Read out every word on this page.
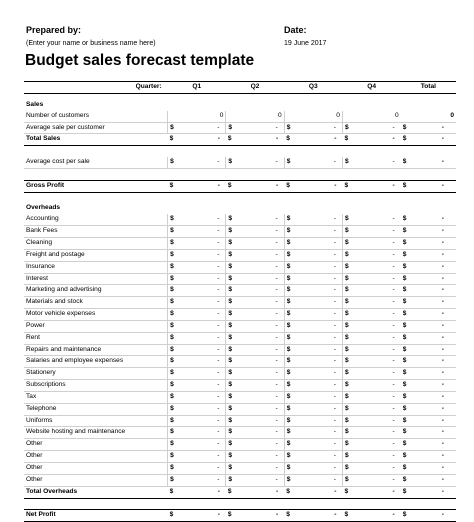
Prepared by:
(Enter your name or business name here)
Date:
19 June 2017
Budget sales forecast template
Quarter:	Q1	Q2	Q3	Q4	Total

Sales					
Number of customers	0	0	0	0	0
Average sale per customer	$ -	$ -	$ -	$ -	$ -

Total Sales	$ -	$ -	$ -	$ -	$ -

Average cost per sale	$ -	$ -	$ -	$ -	$ -

Gross Profit	$ -	$ -	$ -	$ -	$ -

Overheads					
Accounting	$ -	$ -	$ -	$ -	$ -

Bank Fees	$ -	$ -	$ -	$ -	$ -

Cleaning	$ -	$ -	$ -	$ -	$ -

Freight and postage	$ -	$ -	$ -	$ -	$ -

Insurance	$ -	$ -	$ -	$ -	$ -

Interest	$ -	$ -	$ -	$ -	$ -

Marketing and advertising	$ -	$ -	$ -	$ -	$ -

Materials and stock	$ -	$ -	$ -	$ -	$ -

Motor vehicle expenses	$ -	$ -	$ -	$ -	$ -

Power	$ -	$ -	$ -	$ -	$ -

Rent	$ -	$ -	$ -	$ -	$ -

Repairs and maintenance	$ -	$ -	$ -	$ -	$ -

Salaries and employee expenses	$ -	$ -	$ -	$ -	$ -

Stationery	$ -	$ -	$ -	$ -	$ -

Subscriptions	$ -	$ -	$ -	$ -	$ -

Tax	$ -	$ -	$ -	$ -	$ -

Telephone	$ -	$ -	$ -	$ -	$ -

Uniforms	$ -	$ -	$ -	$ -	$ -

Website hosting and maintenance	$ -	$ -	$ -	$ -	$ -

Other	$ -	$ -	$ -	$ -	$ -

Other	$ -	$ -	$ -	$ -	$ -

Other	$ -	$ -	$ -	$ -	$ -

Other	$ -	$ -	$ -	$ -	$ -

Total Overheads	$ -	$ -	$ -	$ -	$ -

Net Profit	$ -	$ -	$ -	$ -	$ -
